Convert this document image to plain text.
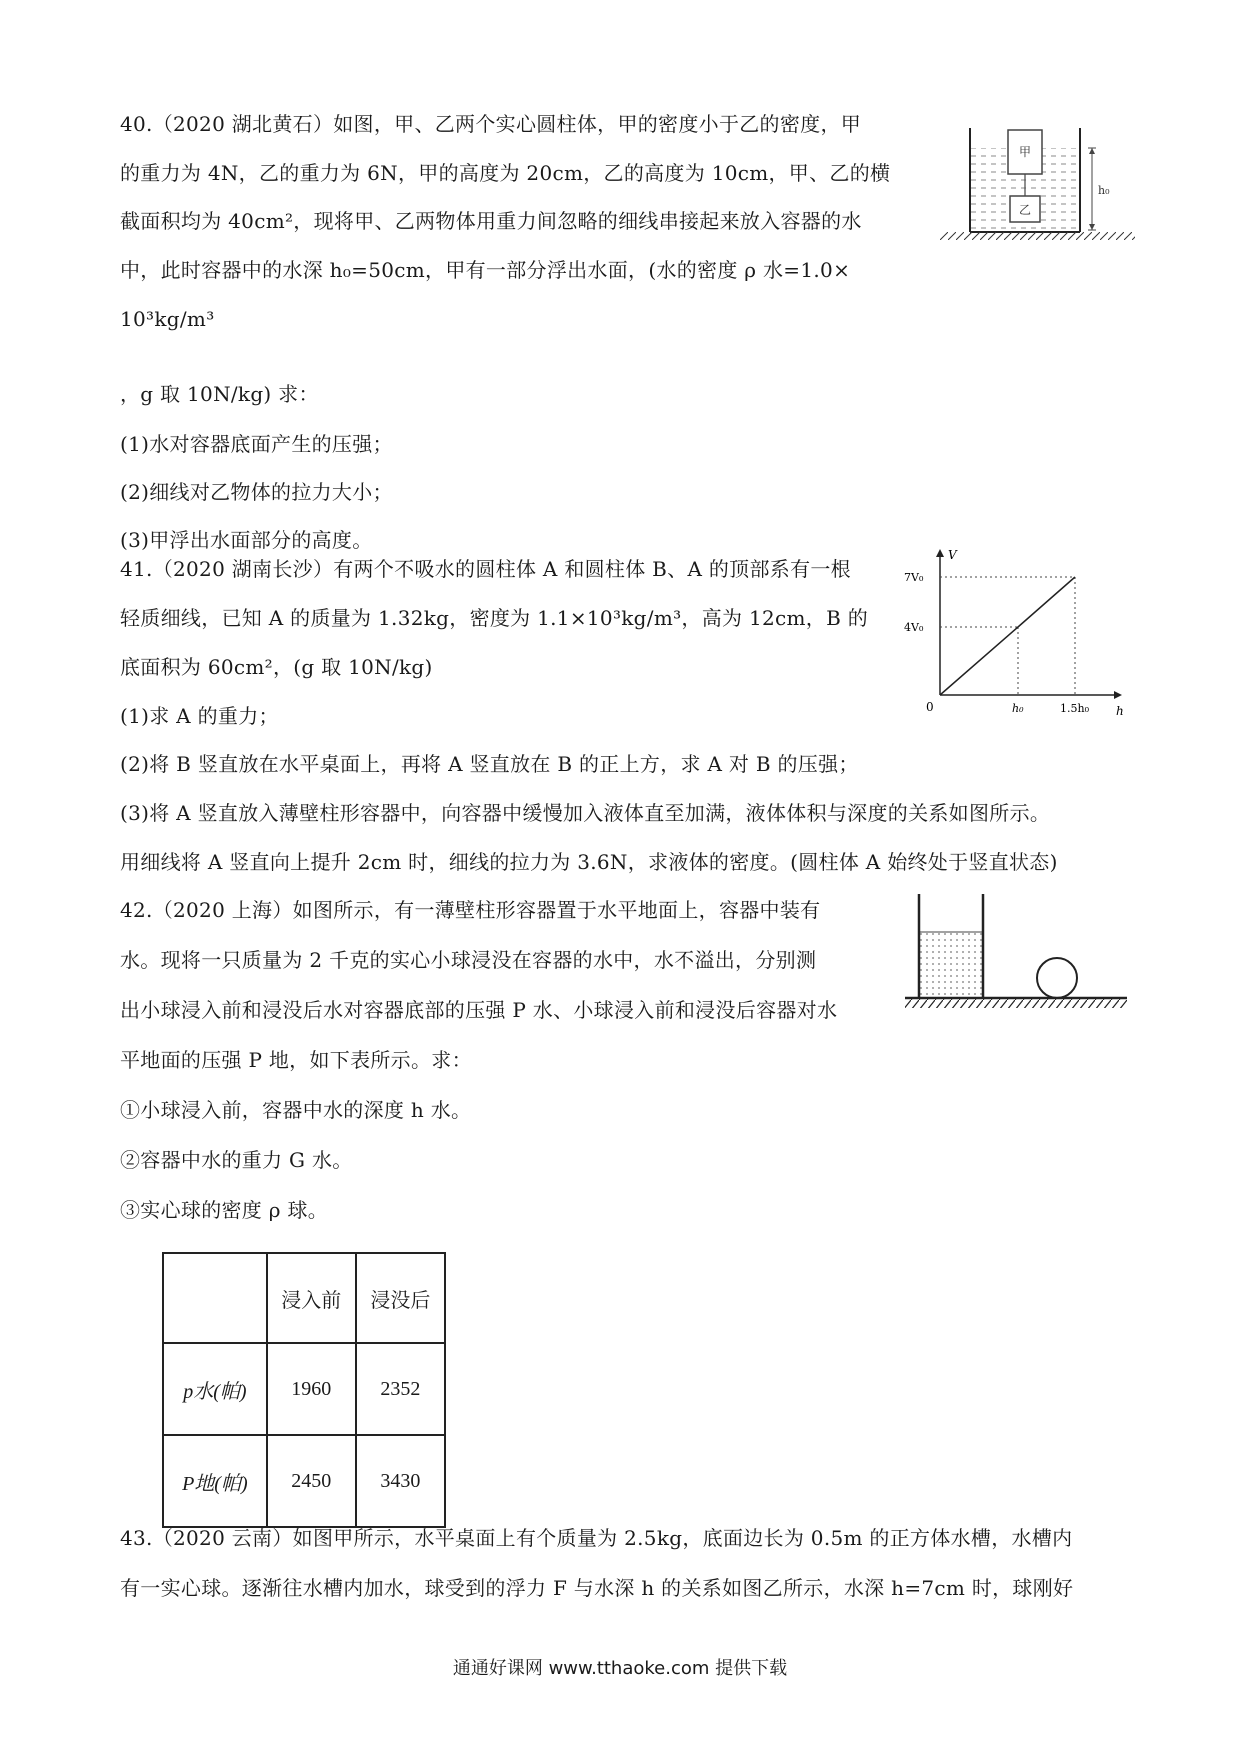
40.（2020 湖北黄石）如图，甲、乙两个实心圆柱体，甲的密度小于乙的密度，甲
的重力为 4N，乙的重力为 6N，甲的高度为 20cm，乙的高度为 10cm，甲、乙的横
截面积均为 40cm²，现将甲、乙两物体用重力间忽略的细线串接起来放入容器的水
中，此时容器中的水深 h₀=50cm，甲有一部分浮出水面，(水的密度 ρ 水=1.0×
10³kg/m³
，g 取 10N/kg) 求：
(1)水对容器底面产生的压强；
(2)细线对乙物体的拉力大小；
(3)甲浮出水面部分的高度。
甲
乙
h₀
41.（2020 湖南长沙）有两个不吸水的圆柱体 A 和圆柱体 B、A 的顶部系有一根
轻质细线，已知 A 的质量为 1.32kg，密度为 1.1×10³kg/m³，高为 12cm，B 的
底面积为 60cm²，(g 取 10N/kg)
(1)求 A 的重力；
(2)将 B 竖直放在水平桌面上，再将 A 竖直放在 B 的正上方，求 A 对 B 的压强；
(3)将 A 竖直放入薄壁柱形容器中，向容器中缓慢加入液体直至加满，液体体积与深度的关系如图所示。
用细线将 A 竖直向上提升 2cm 时，细线的拉力为 3.6N，求液体的密度。(圆柱体 A 始终处于竖直状态)
V
h
0
7V₀
4V₀
h₀	1.5h₀
42.（2020 上海）如图所示，有一薄壁柱形容器置于水平地面上，容器中装有
水。现将一只质量为 2 千克的实心小球浸没在容器的水中，水不溢出，分别测
出小球浸入前和浸没后水对容器底部的压强 P 水、小球浸入前和浸没后容器对水
平地面的压强 P 地，如下表所示。求：
①小球浸入前，容器中水的深度 h 水。
②容器中水的重力 G 水。
③实心球的密度 ρ 球。
	浸入前	浸没后
p水(帕)	1960	2352
P地(帕)	2450	3430
43.（2020 云南）如图甲所示，水平桌面上有个质量为 2.5kg，底面边长为 0.5m 的正方体水槽，水槽内
有一实心球。逐渐往水槽内加水，球受到的浮力 F 与水深 h 的关系如图乙所示，水深 h=7cm 时，球刚好
通通好课网 www.tthaoke.com 提供下载
